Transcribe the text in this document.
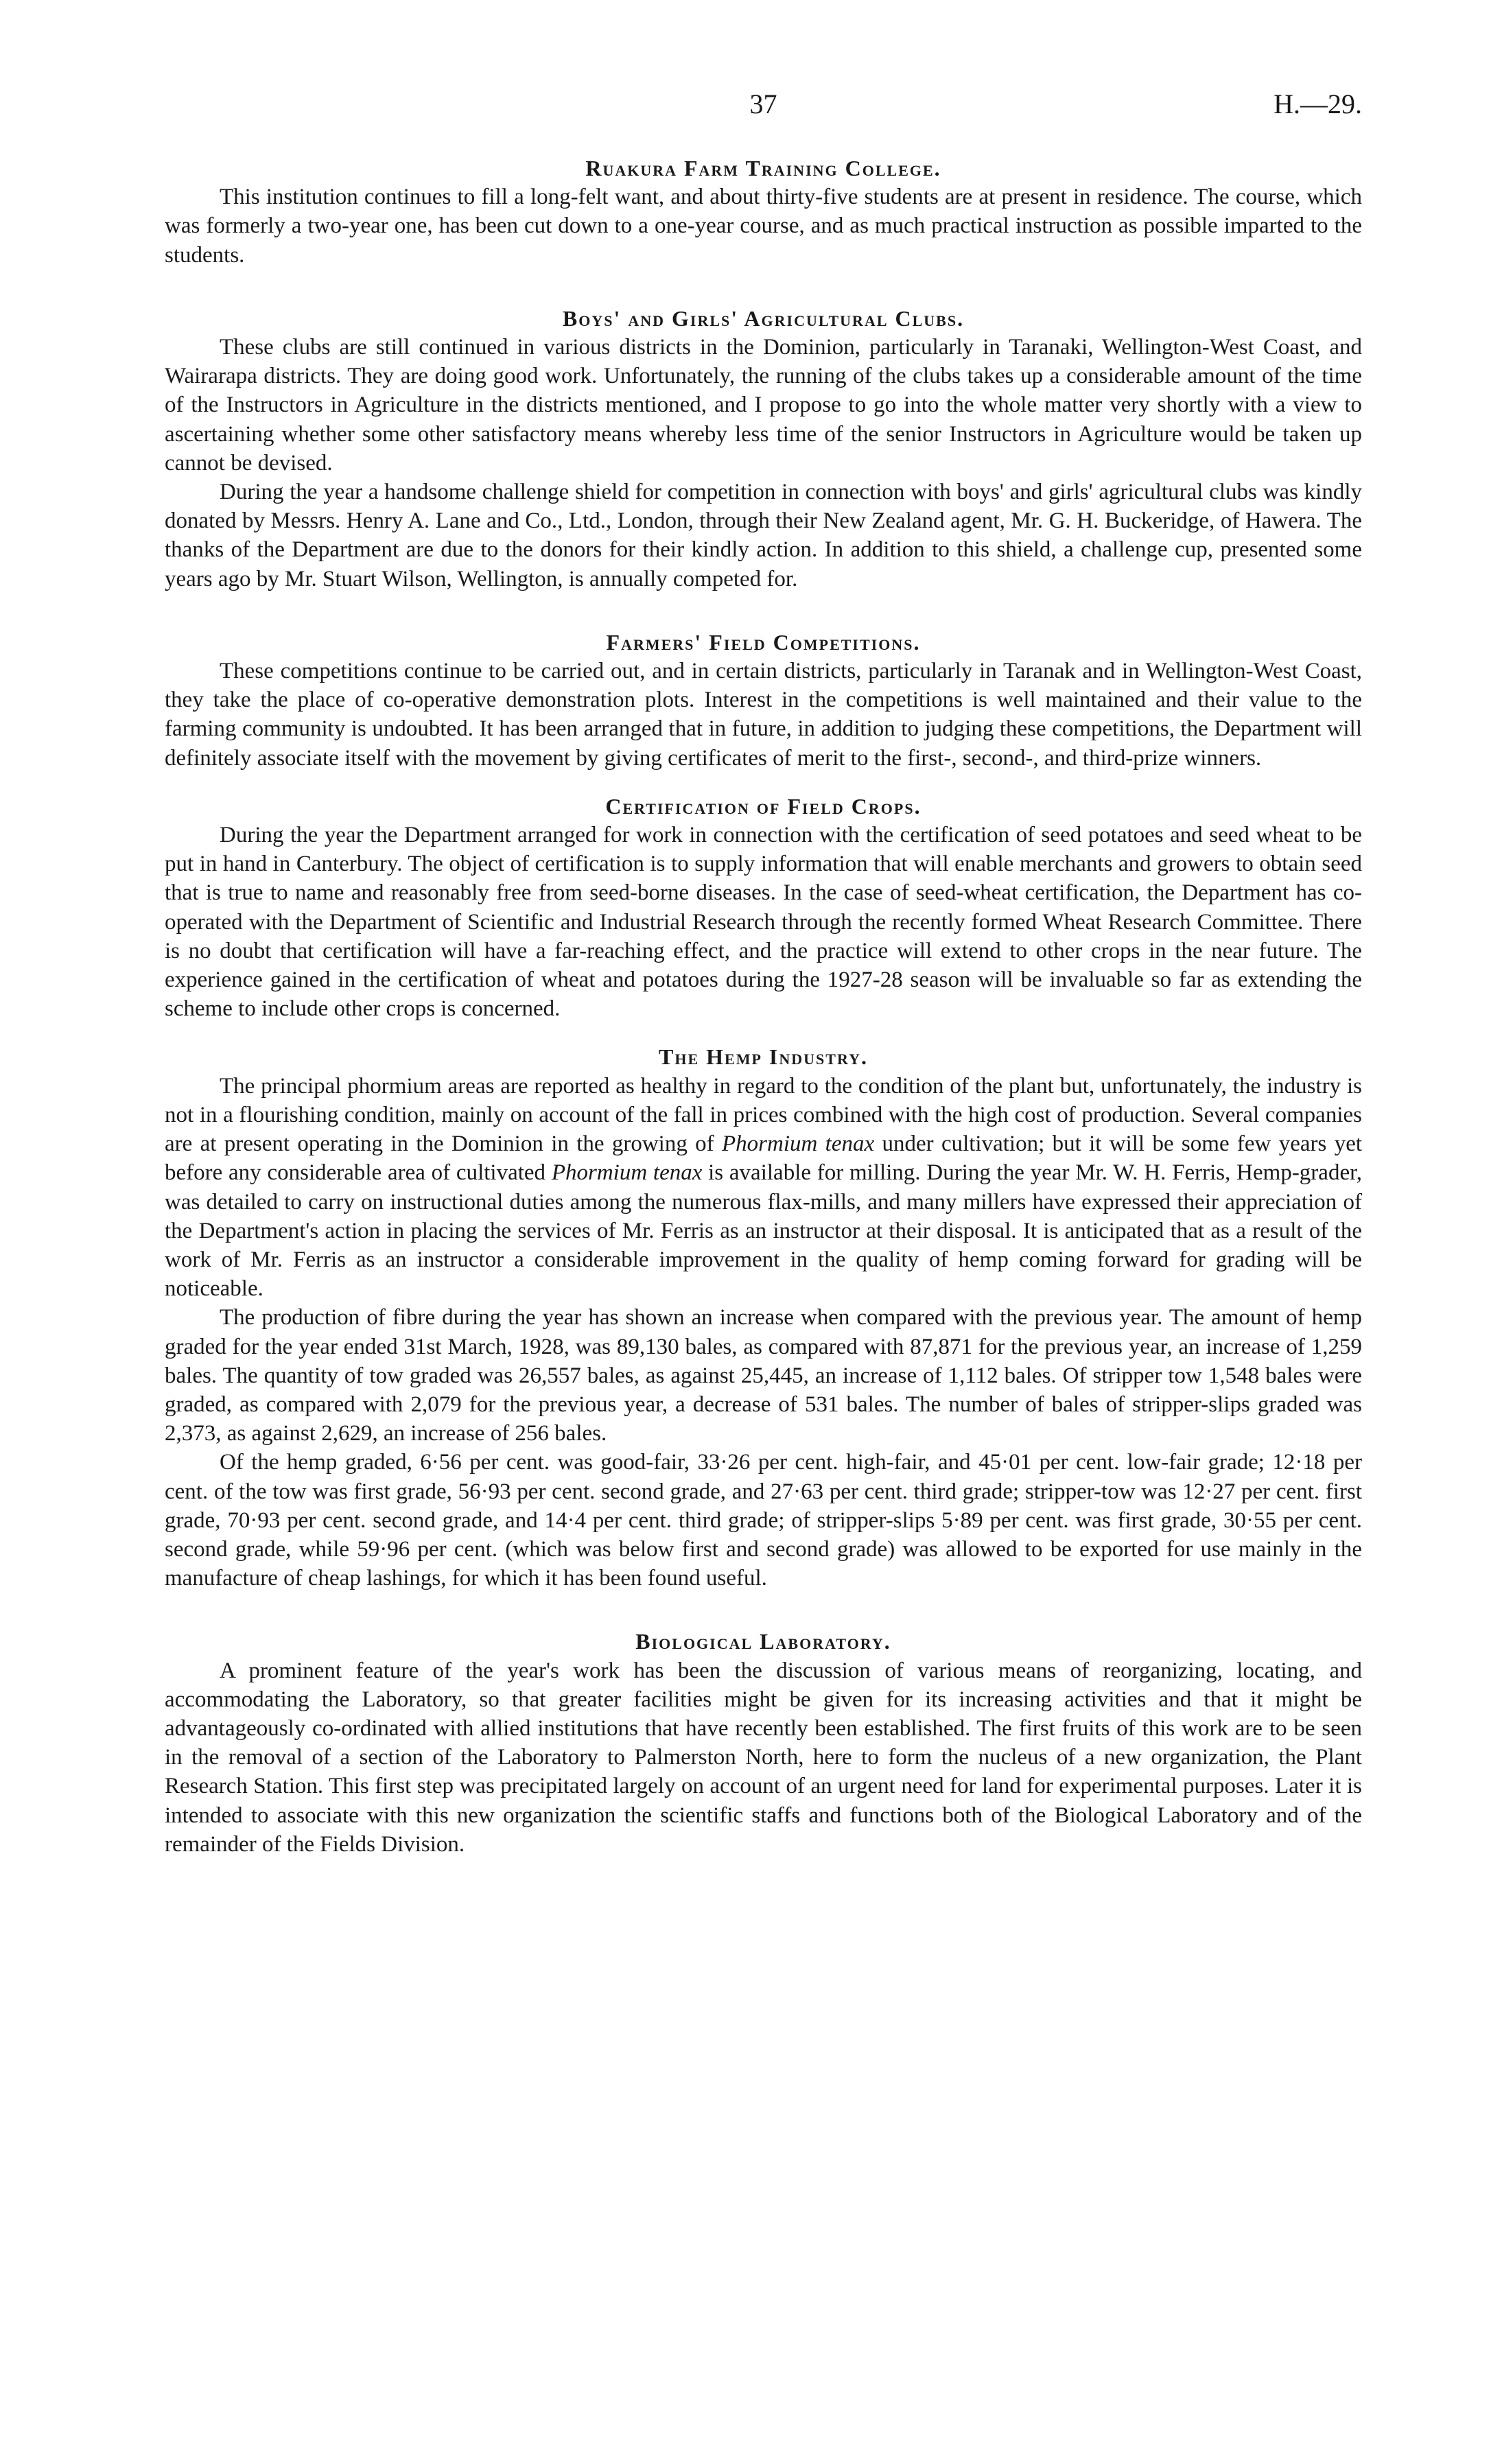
37	H.—29.
Ruakura Farm Training College.

This institution continues to fill a long-felt want, and about thirty-five students are at present in residence. The course, which was formerly a two-year one, has been cut down to a one-year course, and as much practical instruction as possible imparted to the students.

Boys' and Girls' Agricultural Clubs.

These clubs are still continued in various districts in the Dominion, particularly in Taranaki, Wellington-West Coast, and Wairarapa districts. They are doing good work. Unfortunately, the running of the clubs takes up a considerable amount of the time of the Instructors in Agriculture in the districts mentioned, and I propose to go into the whole matter very shortly with a view to ascertaining whether some other satisfactory means whereby less time of the senior Instructors in Agriculture would be taken up cannot be devised.

During the year a handsome challenge shield for competition in connection with boys' and girls' agricultural clubs was kindly donated by Messrs. Henry A. Lane and Co., Ltd., London, through their New Zealand agent, Mr. G. H. Buckeridge, of Hawera. The thanks of the Department are due to the donors for their kindly action. In addition to this shield, a challenge cup, presented some years ago by Mr. Stuart Wilson, Wellington, is annually competed for.

Farmers' Field Competitions.

These competitions continue to be carried out, and in certain districts, particularly in Taranak and in Wellington-West Coast, they take the place of co-operative demonstration plots. Interest in the competitions is well maintained and their value to the farming community is undoubted. It has been arranged that in future, in addition to judging these competitions, the Department will definitely associate itself with the movement by giving certificates of merit to the first-, second-, and third-prize winners.

Certification of Field Crops.

During the year the Department arranged for work in connection with the certification of seed potatoes and seed wheat to be put in hand in Canterbury. The object of certification is to supply information that will enable merchants and growers to obtain seed that is true to name and reasonably free from seed-borne diseases. In the case of seed-wheat certification, the Department has co-operated with the Department of Scientific and Industrial Research through the recently formed Wheat Research Committee. There is no doubt that certification will have a far-reaching effect, and the practice will extend to other crops in the near future. The experience gained in the certification of wheat and potatoes during the 1927-28 season will be invaluable so far as extending the scheme to include other crops is concerned.

The Hemp Industry.

The principal phormium areas are reported as healthy in regard to the condition of the plant but, unfortunately, the industry is not in a flourishing condition, mainly on account of the fall in prices combined with the high cost of production. Several companies are at present operating in the Dominion in the growing of Phormium tenax under cultivation; but it will be some few years yet before any considerable area of cultivated Phormium tenax is available for milling. During the year Mr. W. H. Ferris, Hemp-grader, was detailed to carry on instructional duties among the numerous flax-mills, and many millers have expressed their appreciation of the Department's action in placing the services of Mr. Ferris as an instructor at their disposal. It is anticipated that as a result of the work of Mr. Ferris as an instructor a considerable improvement in the quality of hemp coming forward for grading will be noticeable.

The production of fibre during the year has shown an increase when compared with the previous year. The amount of hemp graded for the year ended 31st March, 1928, was 89,130 bales, as compared with 87,871 for the previous year, an increase of 1,259 bales. The quantity of tow graded was 26,557 bales, as against 25,445, an increase of 1,112 bales. Of stripper tow 1,548 bales were graded, as compared with 2,079 for the previous year, a decrease of 531 bales. The number of bales of stripper-slips graded was 2,373, as against 2,629, an increase of 256 bales.

Of the hemp graded, 6·56 per cent. was good-fair, 33·26 per cent. high-fair, and 45·01 per cent. low-fair grade; 12·18 per cent. of the tow was first grade, 56·93 per cent. second grade, and 27·63 per cent. third grade; stripper-tow was 12·27 per cent. first grade, 70·93 per cent. second grade, and 14·4 per cent. third grade; of stripper-slips 5·89 per cent. was first grade, 30·55 per cent. second grade, while 59·96 per cent. (which was below first and second grade) was allowed to be exported for use mainly in the manufacture of cheap lashings, for which it has been found useful.

Biological Laboratory.

A prominent feature of the year's work has been the discussion of various means of reorganizing, locating, and accommodating the Laboratory, so that greater facilities might be given for its increasing activities and that it might be advantageously co-ordinated with allied institutions that have recently been established. The first fruits of this work are to be seen in the removal of a section of the Laboratory to Palmerston North, here to form the nucleus of a new organization, the Plant Research Station. This first step was precipitated largely on account of an urgent need for land for experimental purposes. Later it is intended to associate with this new organization the scientific staffs and functions both of the Biological Laboratory and of the remainder of the Fields Division.
